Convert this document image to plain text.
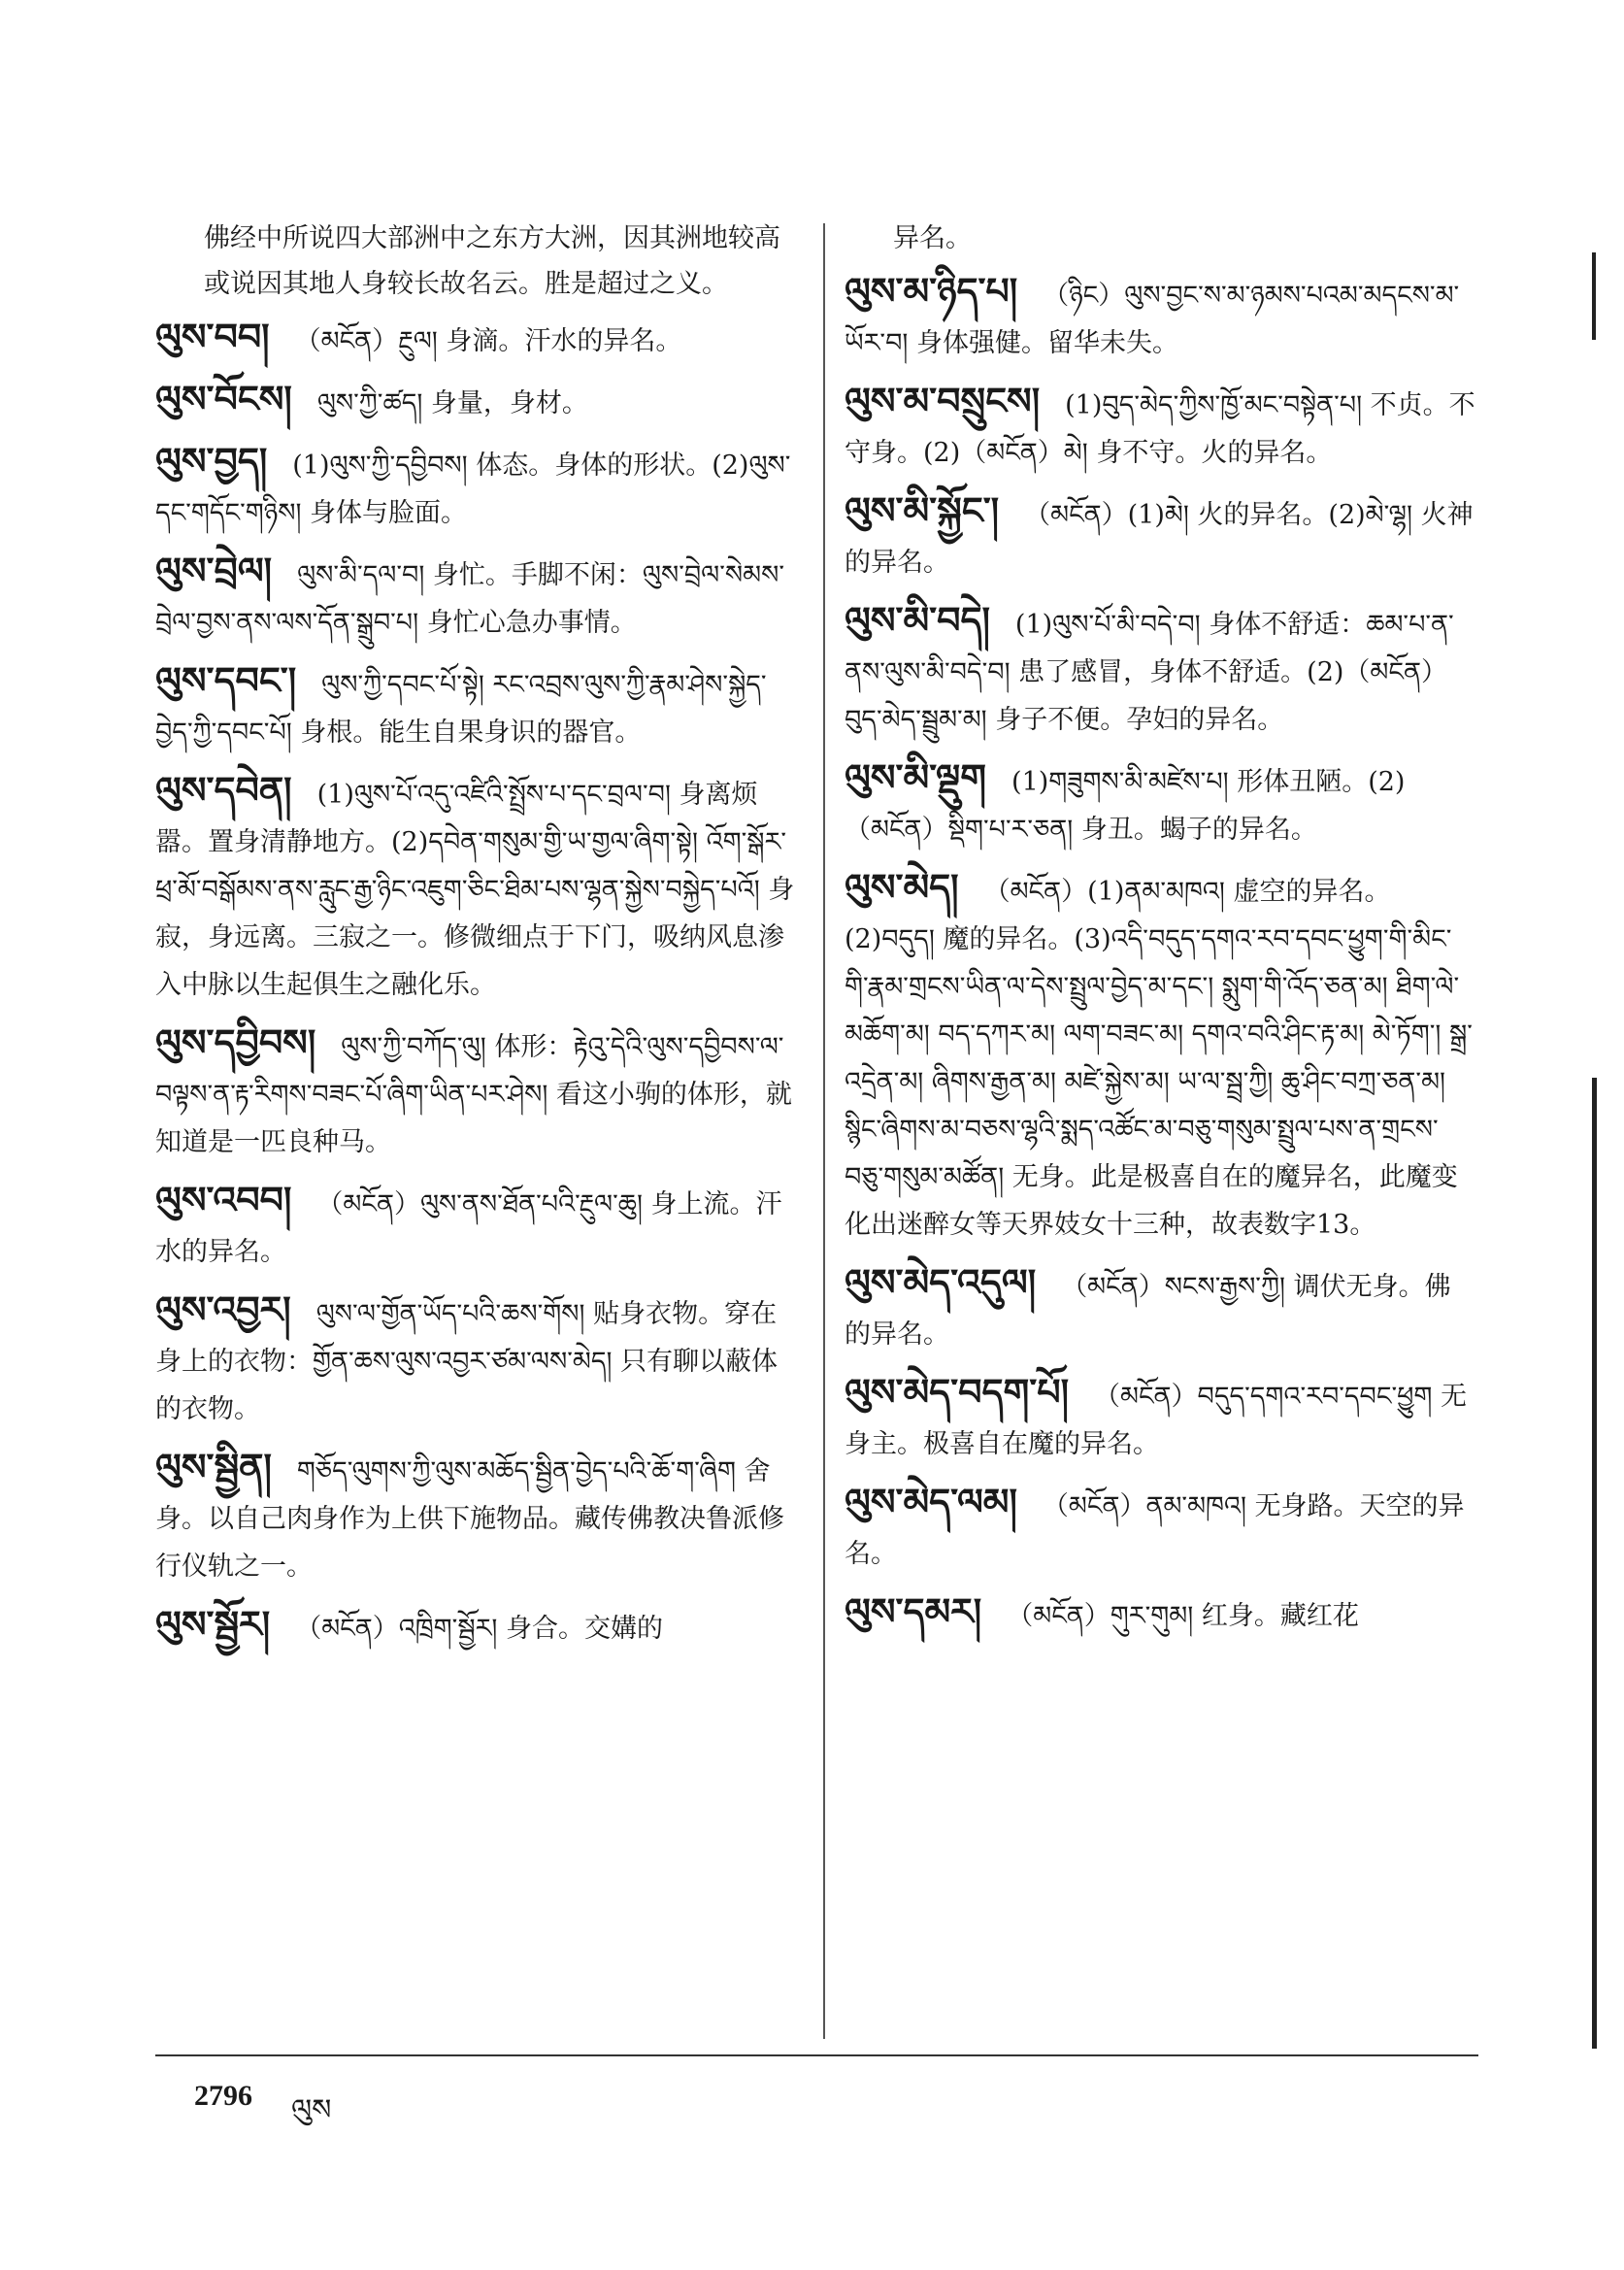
佛经中所说四大部洲中之东方大洲，因其洲地较高或说因其地人身较长故名云。胜是超过之义。
ལུས་བབ། （མངོན）རྔུལ། 身滴。汗水的异名。
ལུས་བོངས། ལུས་ཀྱི་ཚད། 身量，身材。
ལུས་བྱད། (1)ལུས་ཀྱི་དབྱིབས། 体态。身体的形状。(2)ལུས་དང་གདོང་གཉིས། 身体与脸面。
ལུས་བྲེལ། ལུས་མི་དལ་བ། 身忙。手脚不闲：ལུས་བྲེལ་སེམས་བྲེལ་བྱས་ནས་ལས་དོན་སྒྲུབ་པ། 身忙心急办事情。
ལུས་དབང་། ལུས་ཀྱི་དབང་པོ་སྟེ། རང་འབྲས་ལུས་ཀྱི་རྣམ་ཤེས་སྐྱེད་བྱེད་ཀྱི་དབང་པོ། 身根。能生自果身识的器官。
ལུས་དབེན། (1)ལུས་པོ་འདུ་འཛིའི་སྤྲོས་པ་དང་བྲལ་བ། 身离烦嚣。置身清静地方。(2)དབེན་གསུམ་གྱི་ཡ་གྱལ་ཞིག་སྟེ། འོག་སྒོར་ཕྲ་མོ་བསྒོམས་ནས་རླུང་རྒྱ་ཉིང་འཇུག་ཅིང་ཐིམ་པས་ལྷན་སྐྱེས་བསྐྱེད་པའོ། 身寂，身远离。三寂之一。修微细点于下门，吸纳风息渗入中脉以生起俱生之融化乐。
ལུས་དབྱིབས། ལུས་ཀྱི་བཀོད་ལུ། 体形：རྟེའུ་དེའི་ལུས་དབྱིབས་ལ་བལྟས་ན་རྟ་རིགས་བཟང་པོ་ཞིག་ཡིན་པར་ཤེས། 看这小驹的体形，就知道是一匹良种马。
ལུས་འབབ། （མངོན）ལུས་ནས་ཐོན་པའི་རྔུལ་ཆུ། 身上流。汗水的异名。
ལུས་འབྱར། ལུས་ལ་གྱོན་ཡོད་པའི་ཆས་གོས། 贴身衣物。穿在身上的衣物：གྱོན་ཆས་ལུས་འབྱར་ཙམ་ལས་མེད། 只有聊以蔽体的衣物。
ལུས་སྦྱིན། གཅོད་ལུགས་ཀྱི་ལུས་མཆོད་སྦྱིན་བྱེད་པའི་ཆོ་ག་ཞིག 舍身。以自己肉身作为上供下施物品。藏传佛教决鲁派修行仪轨之一。
ལུས་སྦྱོར། （མངོན）འཁྲིག་སྦྱོར། 身合。交媾的
异名。
ལུས་མ་ཉིད་པ། （ཉིང）ལུས་བྱང་ས་མ་ཉམས་པའམ་མདངས་མ་ཡོར་བ། 身体强健。留华未失。
ལུས་མ་བསྲུངས། (1)བུད་མེད་ཀྱིས་ཁྱོ་མང་བསྟེན་པ། 不贞。不守身。(2)（མངོན）མེ། 身不守。火的异名。
ལུས་མི་སྐྱོང་། （མངོན）(1)མེ། 火的异名。(2)མེ་ལྷ། 火神的异名。
ལུས་མི་བདེ། (1)ལུས་པོ་མི་བདེ་བ། 身体不舒适：ཆམ་པ་ན་ནས་ལུས་མི་བདེ་བ། 患了感冒，身体不舒适。(2)（མངོན）བུད་མེད་སྦྲུམ་མ། 身子不便。孕妇的异名。
ལུས་མི་ལྡུག (1)གཟུགས་མི་མཛེས་པ། 形体丑陋。(2)（མངོན）སྡིག་པ་ར་ཅན། 身丑。蝎子的异名。
ལུས་མེད། （མངོན）(1)ནམ་མཁའ། 虚空的异名。(2)བདུད། 魔的异名。(3)འདི་བདུད་དགའ་རབ་དབང་ཕྱུག་གི་མིང་གི་རྣམ་གྲངས་ཡིན་ལ་དེས་སྤྲུལ་བྱེད་མ་དང་། སྨུག་གི་འོད་ཅན་མ། ཐིག་ལེ་མཆོག་མ། བད་དཀར་མ། ལག་བཟང་མ། དགའ་བའི་ཤིང་རྟ་མ། མེ་ཏོག་། སྒྲ་འདྲེན་མ། ཞིགས་རྒྱན་མ། མཛེ་སྐྱེས་མ། ཡ་ལ་སྦྲ་ཀྱི། ཆུ་ཤིང་བཀྲ་ཅན་མ། སྙིང་ཞིགས་མ་བཅས་ལྷའི་སྨད་འཚོང་མ་བཅུ་གསུམ་སྤྲུལ་པས་ན་གྲངས་བཅུ་གསུམ་མཚོན། 无身。此是极喜自在的魔异名，此魔变化出迷醉女等天界妓女十三种，故表数字13。
ལུས་མེད་འདུལ། （མངོན）སངས་རྒྱས་ཀྱི། 调伏无身。佛的异名。
ལུས་མེད་བདག་པོ། （མངོན）བདུད་དགའ་རབ་དབང་ཕྱུག 无身主。极喜自在魔的异名。
ལུས་མེད་ལམ། （མངོན）ནམ་མཁའ། 无身路。天空的异名。
ལུས་དམར། （མངོན）གུར་གུམ། 红身。藏红花
2796 ལུས
